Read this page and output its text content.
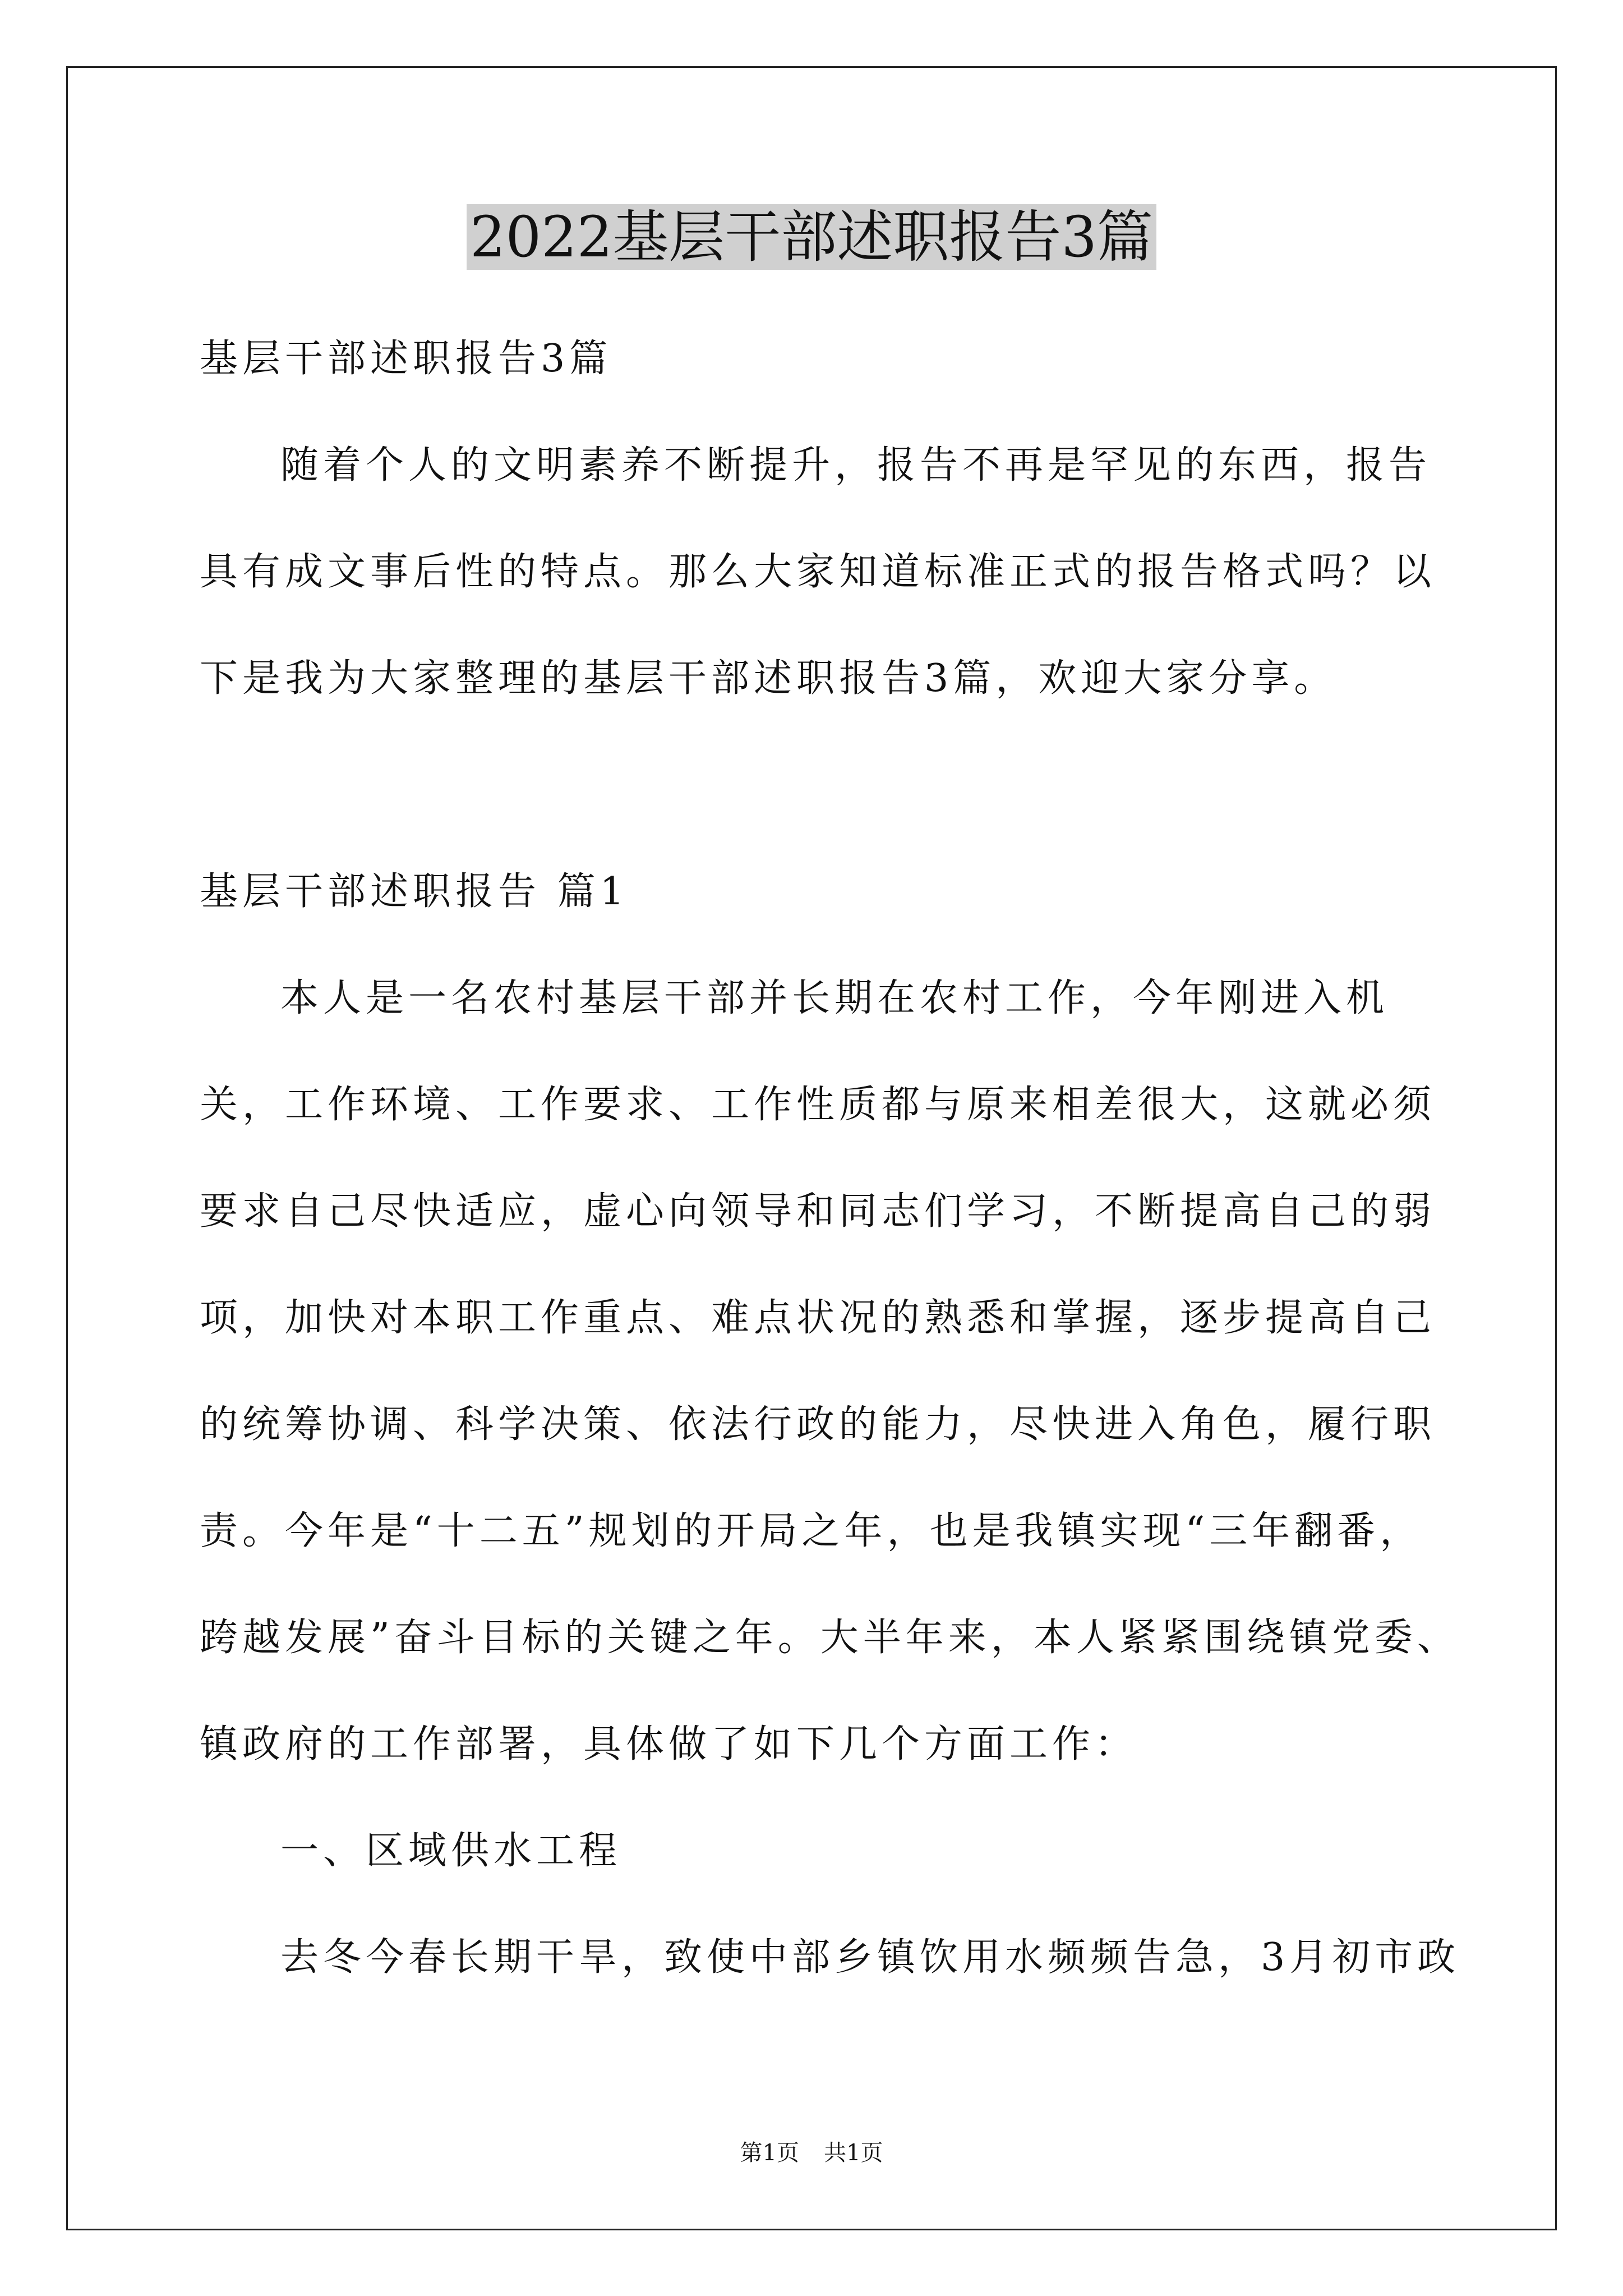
2022基层干部述职报告3篇

基层干部述职报告3篇

随着个人的文明素养不断提升，报告不再是罕见的东西，报告具有成文事后性的特点。那么大家知道标准正式的报告格式吗？以下是我为大家整理的基层干部述职报告3篇，欢迎大家分享。

基层干部述职报告 篇1

本人是一名农村基层干部并长期在农村工作，今年刚进入机关，工作环境、工作要求、工作性质都与原来相差很大，这就必须要求自己尽快适应，虚心向领导和同志们学习，不断提高自己的弱项，加快对本职工作重点、难点状况的熟悉和掌握，逐步提高自己的统筹协调、科学决策、依法行政的能力，尽快进入角色，履行职责。今年是“十二五”规划的开局之年，也是我镇实现“三年翻番，跨越发展”奋斗目标的关键之年。大半年来，本人紧紧围绕镇党委、镇政府的工作部署，具体做了如下几个方面工作：

一、区域供水工程

去冬今春长期干旱，致使中部乡镇饮用水频频告急，3月初市政

第1页 共1页
